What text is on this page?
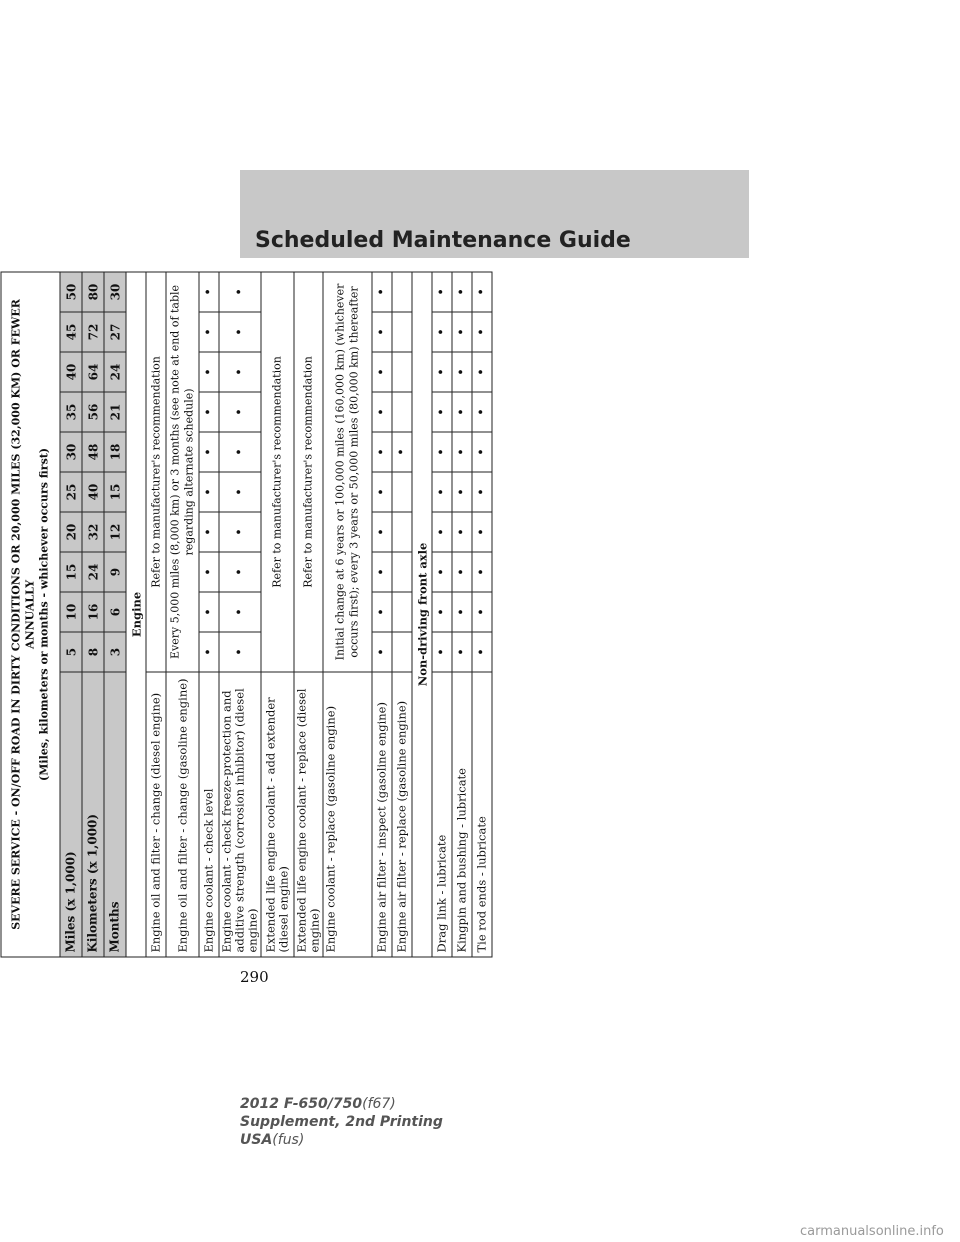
Scheduled Maintenance Guide
SEVERE SERVICE - ON/OFF ROAD IN DIRTY CONDITIONS OR 20,000 MILES (32,000 KM) OR FEWER ANNUALLY (Miles, kilometers or months - whichever occurs first)										

Miles (x 1,000)	5	10	15	20	25	30	35	40	45	50
Kilometers (x 1,000)	8	16	24	32	40	48	56	64	72	80
Months	3	6	9	12	15	18	21	24	27	30
Engine										
Engine oil and filter - change (diesel engine)	Refer to manufacturer's recommendation									
Engine oil and filter - change (gasoline engine)	Every 5,000 miles (8,000 km) or 3 months (see note at end of table regarding alternate schedule)									
Engine coolant - check level	•	•	•	•	•	•	•	•	•	•
Engine coolant - check freeze-protection and additive strength (corrosion inhibitor) (diesel engine)	•	•	•	•	•	•	•	•	•	•
Extended life engine coolant - add extender (diesel engine)	Refer to manufacturer's recommendation									
Extended life engine coolant - replace (diesel engine)	Refer to manufacturer's recommendation									
Engine coolant - replace (gasoline engine)	Initial change at 6 years or 100,000 miles (160,000 km) (whichever occurs first); every 3 years or 50,000 miles (80,000 km) thereafter									
Engine air filter - inspect (gasoline engine)	•	•	•	•	•	•	•	•	•	•
Engine air filter - replace (gasoline engine)						•				
Non-driving front axle										
Drag link - lubricate	•	•	•	•	•	•	•	•	•	•
Kingpin and bushing - lubricate	•	•	•	•	•	•	•	•	•	•
Tie rod ends - lubricate	•	•	•	•	•	•	•	•	•	•
290
2012 F-650/750(f67)
Supplement, 2nd Printing
USA(fus)
carmanualsonline.info
